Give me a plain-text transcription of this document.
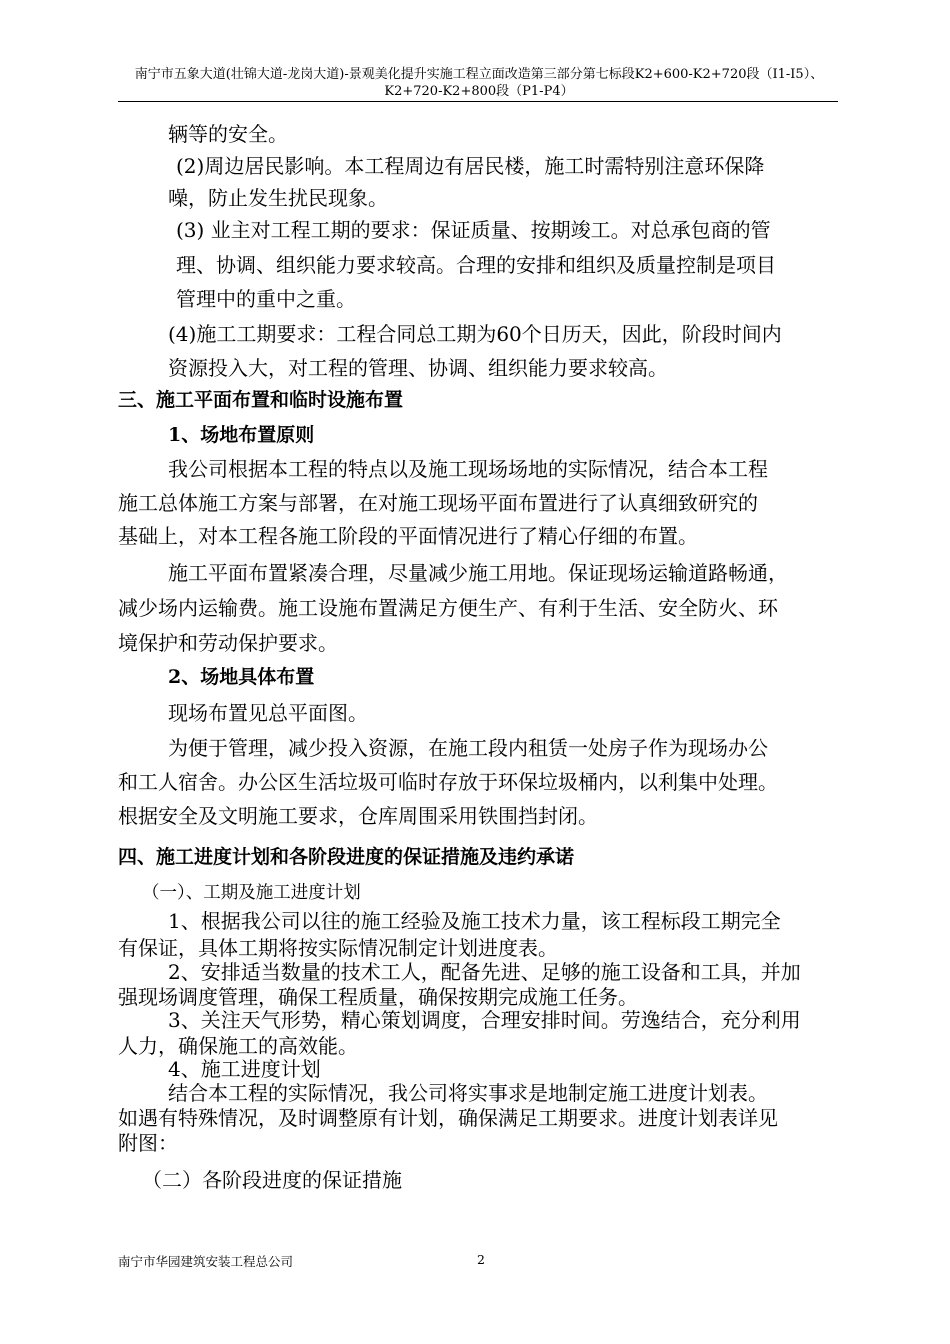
南宁市五象大道(壮锦大道-龙岗大道)-景观美化提升实施工程立面改造第三部分第七标段K2+600-K2+720段（I1-I5）、K2+720-K2+800段（P1-P4）
辆等的安全。
(2)周边居民影响。本工程周边有居民楼，施工时需特别注意环保降
噪，防止发生扰民现象。
(3) 业主对工程工期的要求：保证质量、按期竣工。对总承包商的管
理、协调、组织能力要求较高。合理的安排和组织及质量控制是项目
管理中的重中之重。
(4)施工工期要求：工程合同总工期为60个日历天，因此，阶段时间内
资源投入大，对工程的管理、协调、组织能力要求较高。
三、施工平面布置和临时设施布置
1、场地布置原则
我公司根据本工程的特点以及施工现场场地的实际情况，结合本工程
施工总体施工方案与部署，在对施工现场平面布置进行了认真细致研究的
基础上，对本工程各施工阶段的平面情况进行了精心仔细的布置。
施工平面布置紧凑合理，尽量减少施工用地。保证现场运输道路畅通，
减少场内运输费。施工设施布置满足方便生产、有利于生活、安全防火、环
境保护和劳动保护要求。
2、场地具体布置
现场布置见总平面图。
为便于管理，减少投入资源，在施工段内租赁一处房子作为现场办公
和工人宿舍。办公区生活垃圾可临时存放于环保垃圾桶内，以利集中处理。
根据安全及文明施工要求，仓库周围采用铁围挡封闭。
四、施工进度计划和各阶段进度的保证措施及违约承诺
（一）、工期及施工进度计划
1、根据我公司以往的施工经验及施工技术力量，该工程标段工期完全
有保证，具体工期将按实际情况制定计划进度表。
2、安排适当数量的技术工人，配备先进、足够的施工设备和工具，并加
强现场调度管理，确保工程质量，确保按期完成施工任务。
3、关注天气形势，精心策划调度，合理安排时间。劳逸结合，充分利用
人力，确保施工的高效能。
4、施工进度计划
结合本工程的实际情况，我公司将实事求是地制定施工进度计划表。
如遇有特殊情况，及时调整原有计划，确保满足工期要求。进度计划表详见
附图：
（二）各阶段进度的保证措施
南宁市华园建筑安装工程总公司	2
